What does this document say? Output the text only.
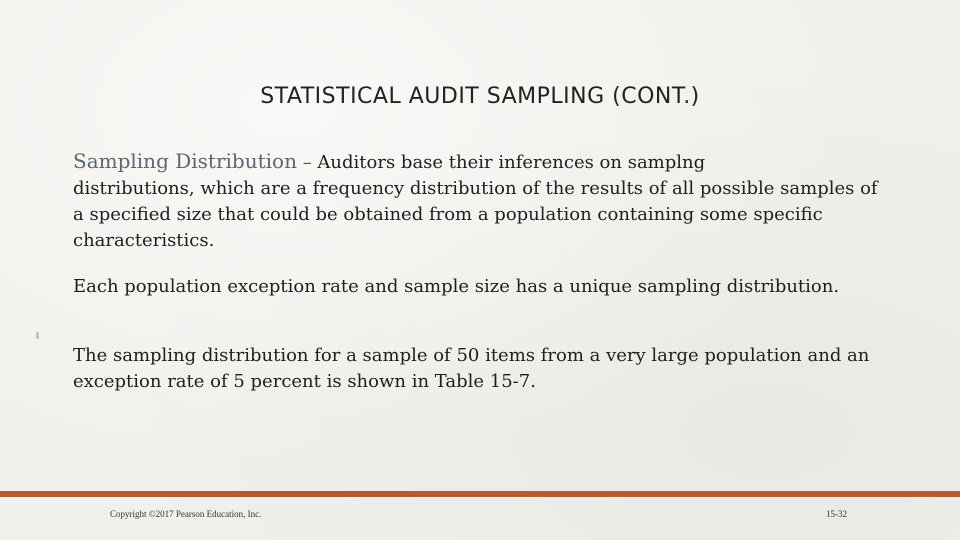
STATISTICAL AUDIT SAMPLING (CONT.)
Sampling Distribution – Auditors base their inferences on samplng
distributions, which are a frequency distribution of the results of all possible samples of a specified size that could be obtained from a population containing some specific characteristics.
Each population exception rate and sample size has a unique sampling distribution.
The sampling distribution for a sample of 50 items from a very large population and an exception rate of 5 percent is shown in Table 15-7.
Copyright ©2017 Pearson Education, Inc.	15-32
